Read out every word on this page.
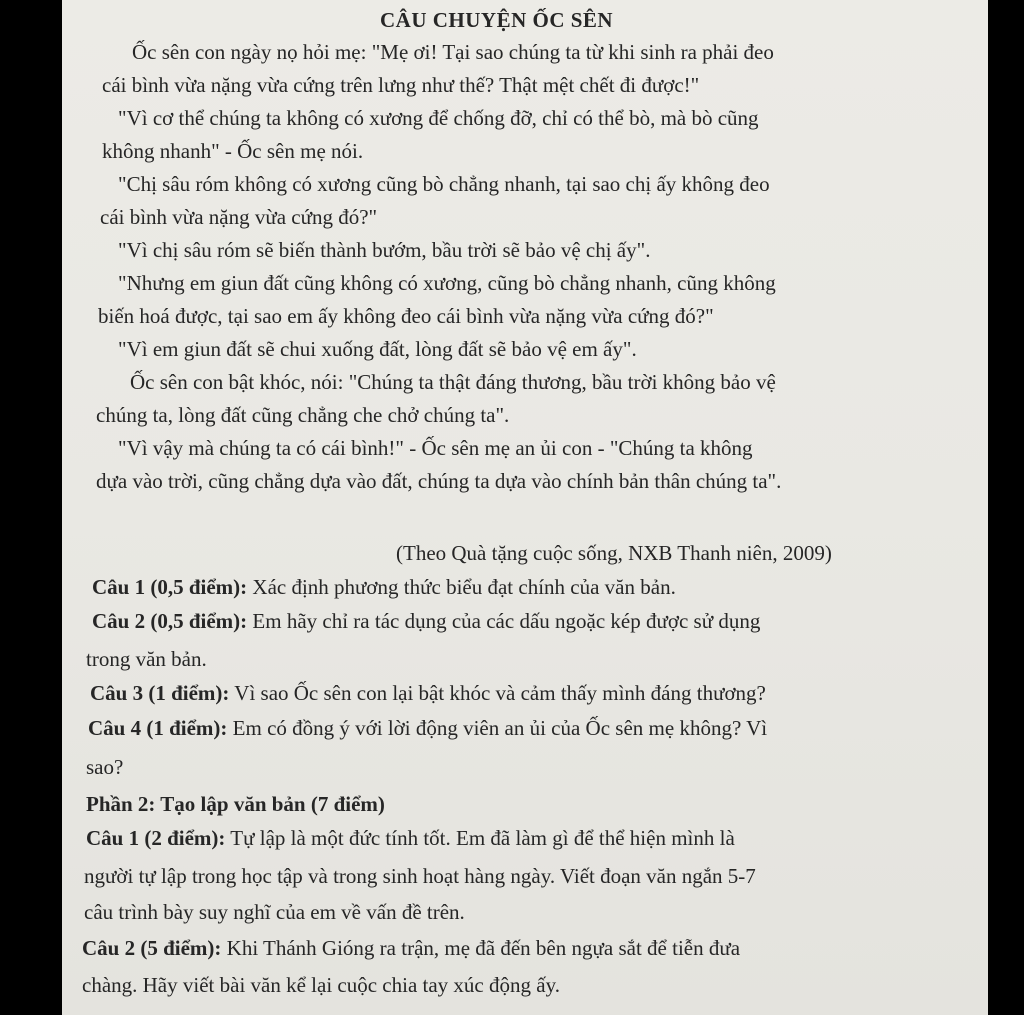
CÂU CHUYỆN ỐC SÊN
Ốc sên con ngày nọ hỏi mẹ: "Mẹ ơi! Tại sao chúng ta từ khi sinh ra phải đeo
cái bình vừa nặng vừa cứng trên lưng như thế? Thật mệt chết đi được!"
"Vì cơ thể chúng ta không có xương để chống đỡ, chỉ có thể bò, mà bò cũng
không nhanh" - Ốc sên mẹ nói.
"Chị sâu róm không có xương cũng bò chẳng nhanh, tại sao chị ấy không đeo
cái bình vừa nặng vừa cứng đó?"
"Vì chị sâu róm sẽ biến thành bướm, bầu trời sẽ bảo vệ chị ấy".
"Nhưng em giun đất cũng không có xương, cũng bò chẳng nhanh, cũng không
biến hoá được, tại sao em ấy không đeo cái bình vừa nặng vừa cứng đó?"
"Vì em giun đất sẽ chui xuống đất, lòng đất sẽ bảo vệ em ấy".
Ốc sên con bật khóc, nói: "Chúng ta thật đáng thương, bầu trời không bảo vệ
chúng ta, lòng đất cũng chẳng che chở chúng ta".
"Vì vậy mà chúng ta có cái bình!" - Ốc sên mẹ an ủi con - "Chúng ta không
dựa vào trời, cũng chẳng dựa vào đất, chúng ta dựa vào chính bản thân chúng ta".
(Theo Quà tặng cuộc sống, NXB Thanh niên, 2009)
Câu 1 (0,5 điểm): Xác định phương thức biểu đạt chính của văn bản.
Câu 2 (0,5 điểm): Em hãy chỉ ra tác dụng của các dấu ngoặc kép được sử dụng
trong văn bản.
Câu 3 (1 điểm): Vì sao Ốc sên con lại bật khóc và cảm thấy mình đáng thương?
Câu 4 (1 điểm): Em có đồng ý với lời động viên an ủi của Ốc sên mẹ không? Vì
sao?
Phần 2: Tạo lập văn bản (7 điểm)
Câu 1 (2 điểm): Tự lập là một đức tính tốt. Em đã làm gì để thể hiện mình là
người tự lập trong học tập và trong sinh hoạt hàng ngày. Viết đoạn văn ngắn 5-7
câu trình bày suy nghĩ của em về vấn đề trên.
Câu 2 (5 điểm): Khi Thánh Gióng ra trận, mẹ đã đến bên ngựa sắt để tiễn đưa
chàng. Hãy viết bài văn kể lại cuộc chia tay xúc động ấy.
